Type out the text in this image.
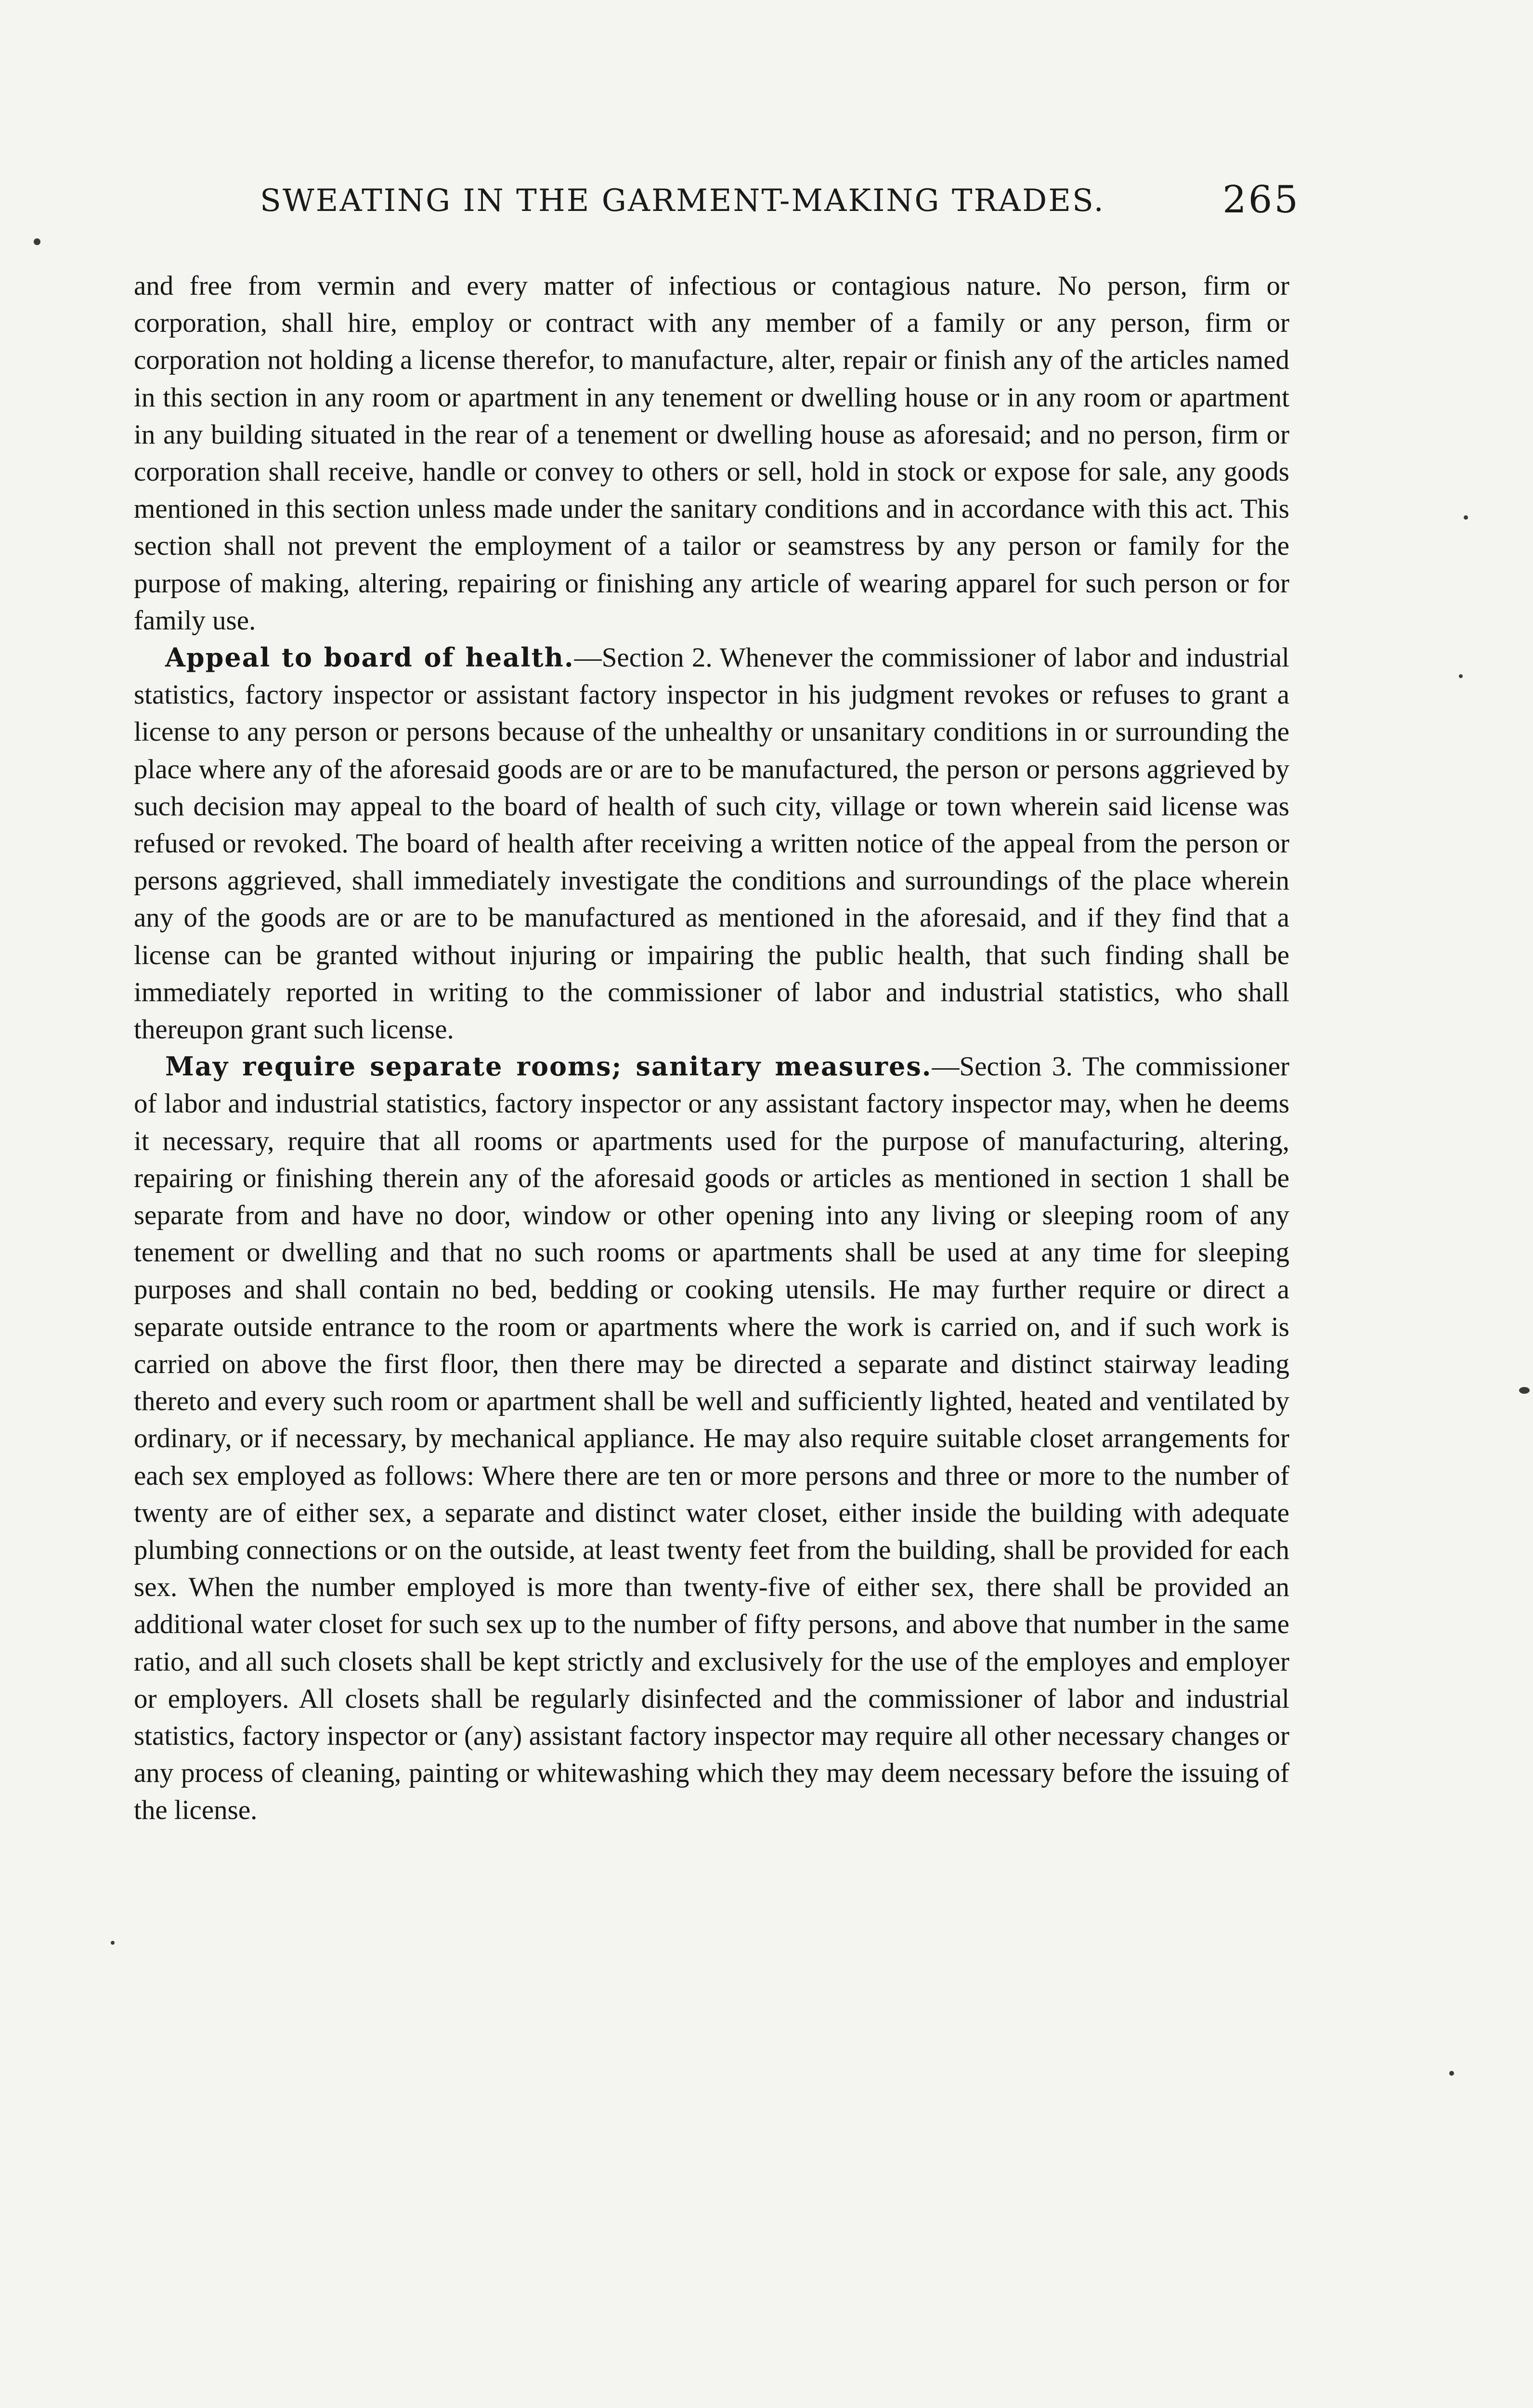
SWEATING IN THE GARMENT-MAKING TRADES.	265

and free from vermin and every matter of infectious or contagious nature. No person, firm or corporation, shall hire, employ or contract with any member of a family or any person, firm or corporation not holding a license therefor, to manufacture, alter, repair or finish any of the articles named in this section in any room or apartment in any tenement or dwelling house or in any room or apartment in any building situated in the rear of a tenement or dwelling house as aforesaid; and no person, firm or corporation shall receive, handle or convey to others or sell, hold in stock or expose for sale, any goods mentioned in this section unless made under the sanitary conditions and in accordance with this act. This section shall not prevent the employment of a tailor or seamstress by any person or family for the purpose of making, altering, repairing or finishing any article of wearing apparel for such person or for family use.

Appeal to board of health.—Section 2. Whenever the commissioner of labor and industrial statistics, factory inspector or assistant factory inspector in his judgment revokes or refuses to grant a license to any person or persons because of the unhealthy or unsanitary conditions in or surrounding the place where any of the aforesaid goods are or are to be manufactured, the person or persons aggrieved by such decision may appeal to the board of health of such city, village or town wherein said license was refused or revoked. The board of health after receiving a written notice of the appeal from the person or persons aggrieved, shall immediately investigate the conditions and surroundings of the place wherein any of the goods are or are to be manufactured as mentioned in the aforesaid, and if they find that a license can be granted without injuring or impairing the public health, that such finding shall be immediately reported in writing to the commissioner of labor and industrial statistics, who shall thereupon grant such license.

May require separate rooms; sanitary measures.—Section 3. The commissioner of labor and industrial statistics, factory inspector or any assistant factory inspector may, when he deems it necessary, require that all rooms or apartments used for the purpose of manufacturing, altering, repairing or finishing therein any of the aforesaid goods or articles as mentioned in section 1 shall be separate from and have no door, window or other opening into any living or sleeping room of any tenement or dwelling and that no such rooms or apartments shall be used at any time for sleeping purposes and shall contain no bed, bedding or cooking utensils. He may further require or direct a separate outside entrance to the room or apartments where the work is carried on, and if such work is carried on above the first floor, then there may be directed a separate and distinct stairway leading thereto and every such room or apartment shall be well and sufficiently lighted, heated and ventilated by ordinary, or if necessary, by mechanical appliance. He may also require suitable closet arrangements for each sex employed as follows: Where there are ten or more persons and three or more to the number of twenty are of either sex, a separate and distinct water closet, either inside the building with adequate plumbing connections or on the outside, at least twenty feet from the building, shall be provided for each sex. When the number employed is more than twenty-five of either sex, there shall be provided an additional water closet for such sex up to the number of fifty persons, and above that number in the same ratio, and all such closets shall be kept strictly and exclusively for the use of the employes and employer or employers. All closets shall be regularly disinfected and the commissioner of labor and industrial statistics, factory inspector or (any) assistant factory inspector may require all other necessary changes or any process of cleaning, painting or whitewashing which they may deem necessary before the issuing of the license.
